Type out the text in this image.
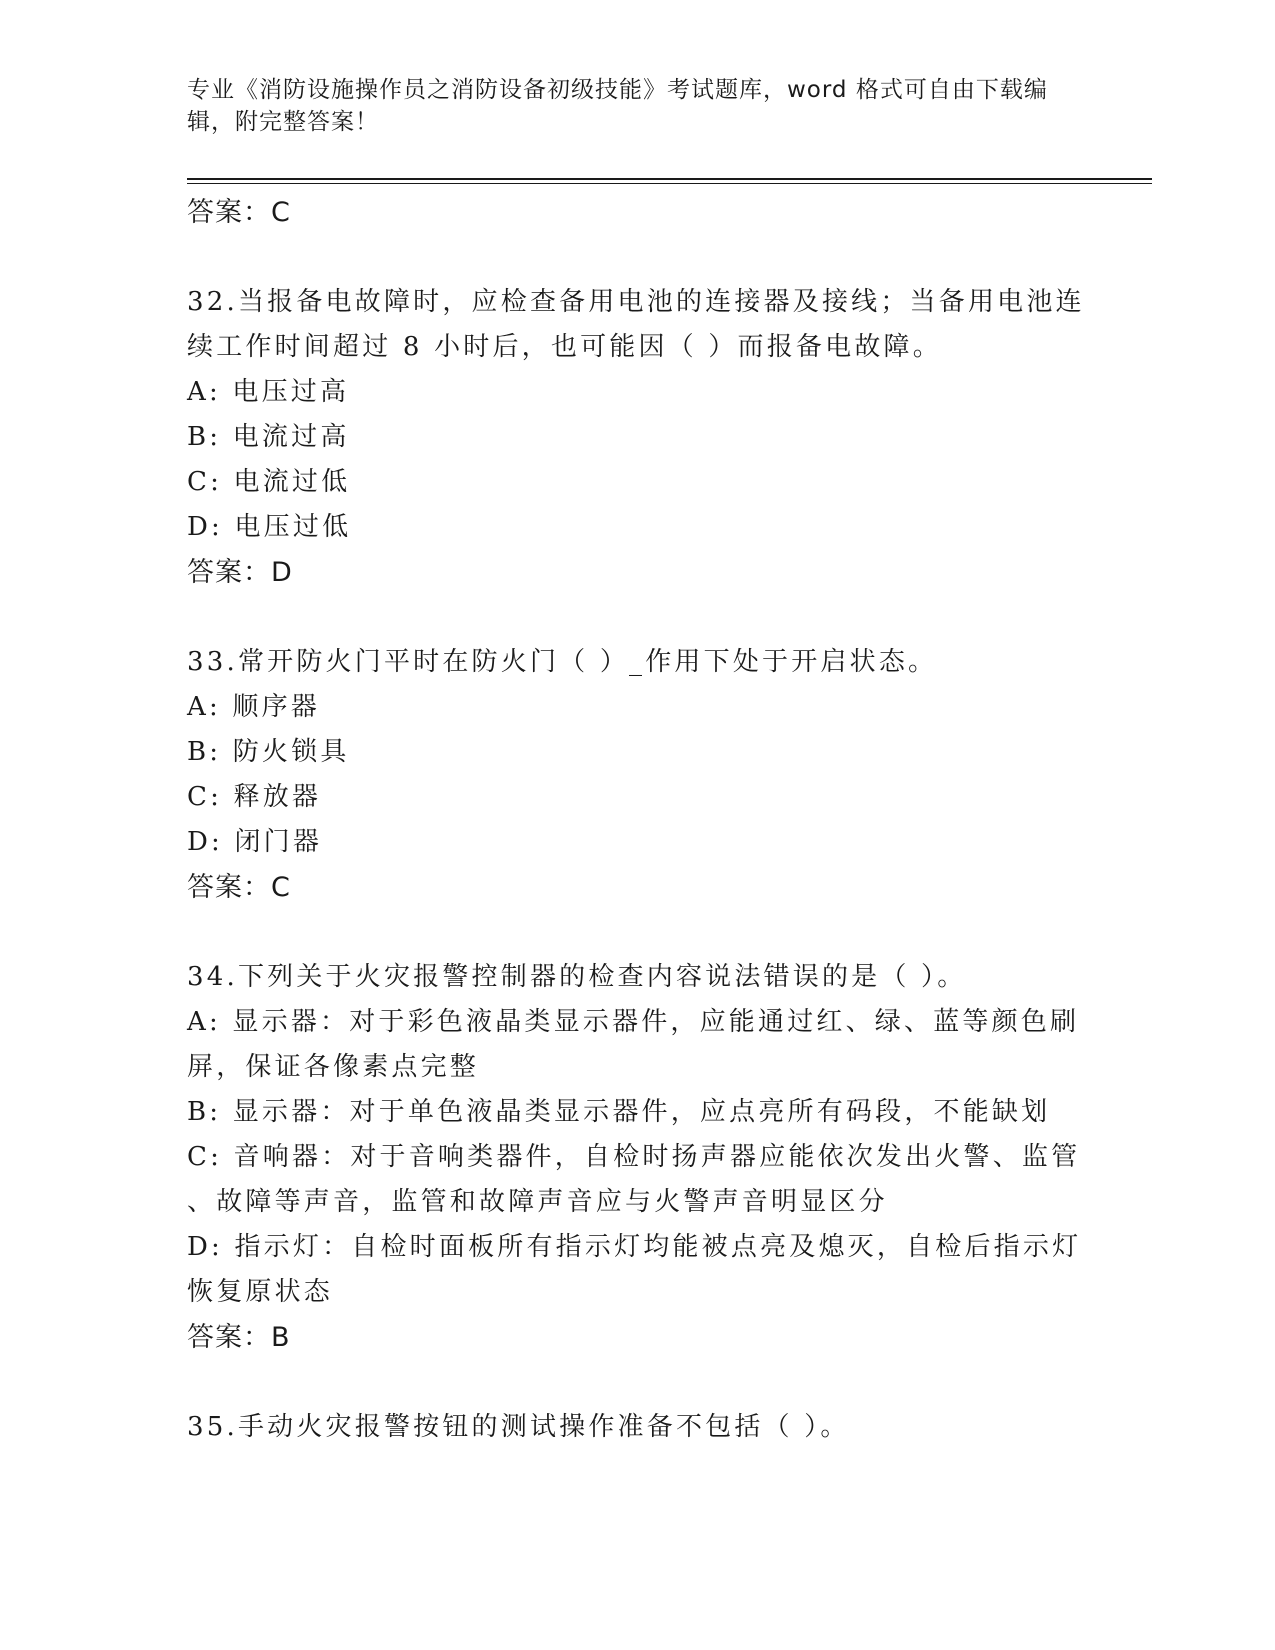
专业《消防设施操作员之消防设备初级技能》考试题库，word 格式可自由下载编
辑，附完整答案！
答案：C
32.当报备电故障时，应检查备用电池的连接器及接线；当备用电池连
续工作时间超过 8 小时后，也可能因（ ）而报备电故障。
A: 电压过高
B: 电流过高
C: 电流过低
D: 电压过低
答案：D
33.常开防火门平时在防火门（ ）_作用下处于开启状态。
A: 顺序器
B: 防火锁具
C: 释放器
D: 闭门器
答案：C
34.下列关于火灾报警控制器的检查内容说法错误的是（ ）。
A: 显示器：对于彩色液晶类显示器件，应能通过红、绿、蓝等颜色刷
屏，保证各像素点完整
B: 显示器：对于单色液晶类显示器件，应点亮所有码段，不能缺划
C: 音响器：对于音响类器件，自检时扬声器应能依次发出火警、监管
、故障等声音，监管和故障声音应与火警声音明显区分
D: 指示灯：自检时面板所有指示灯均能被点亮及熄灭，自检后指示灯
恢复原状态
答案：B
35.手动火灾报警按钮的测试操作准备不包括（ ）。
